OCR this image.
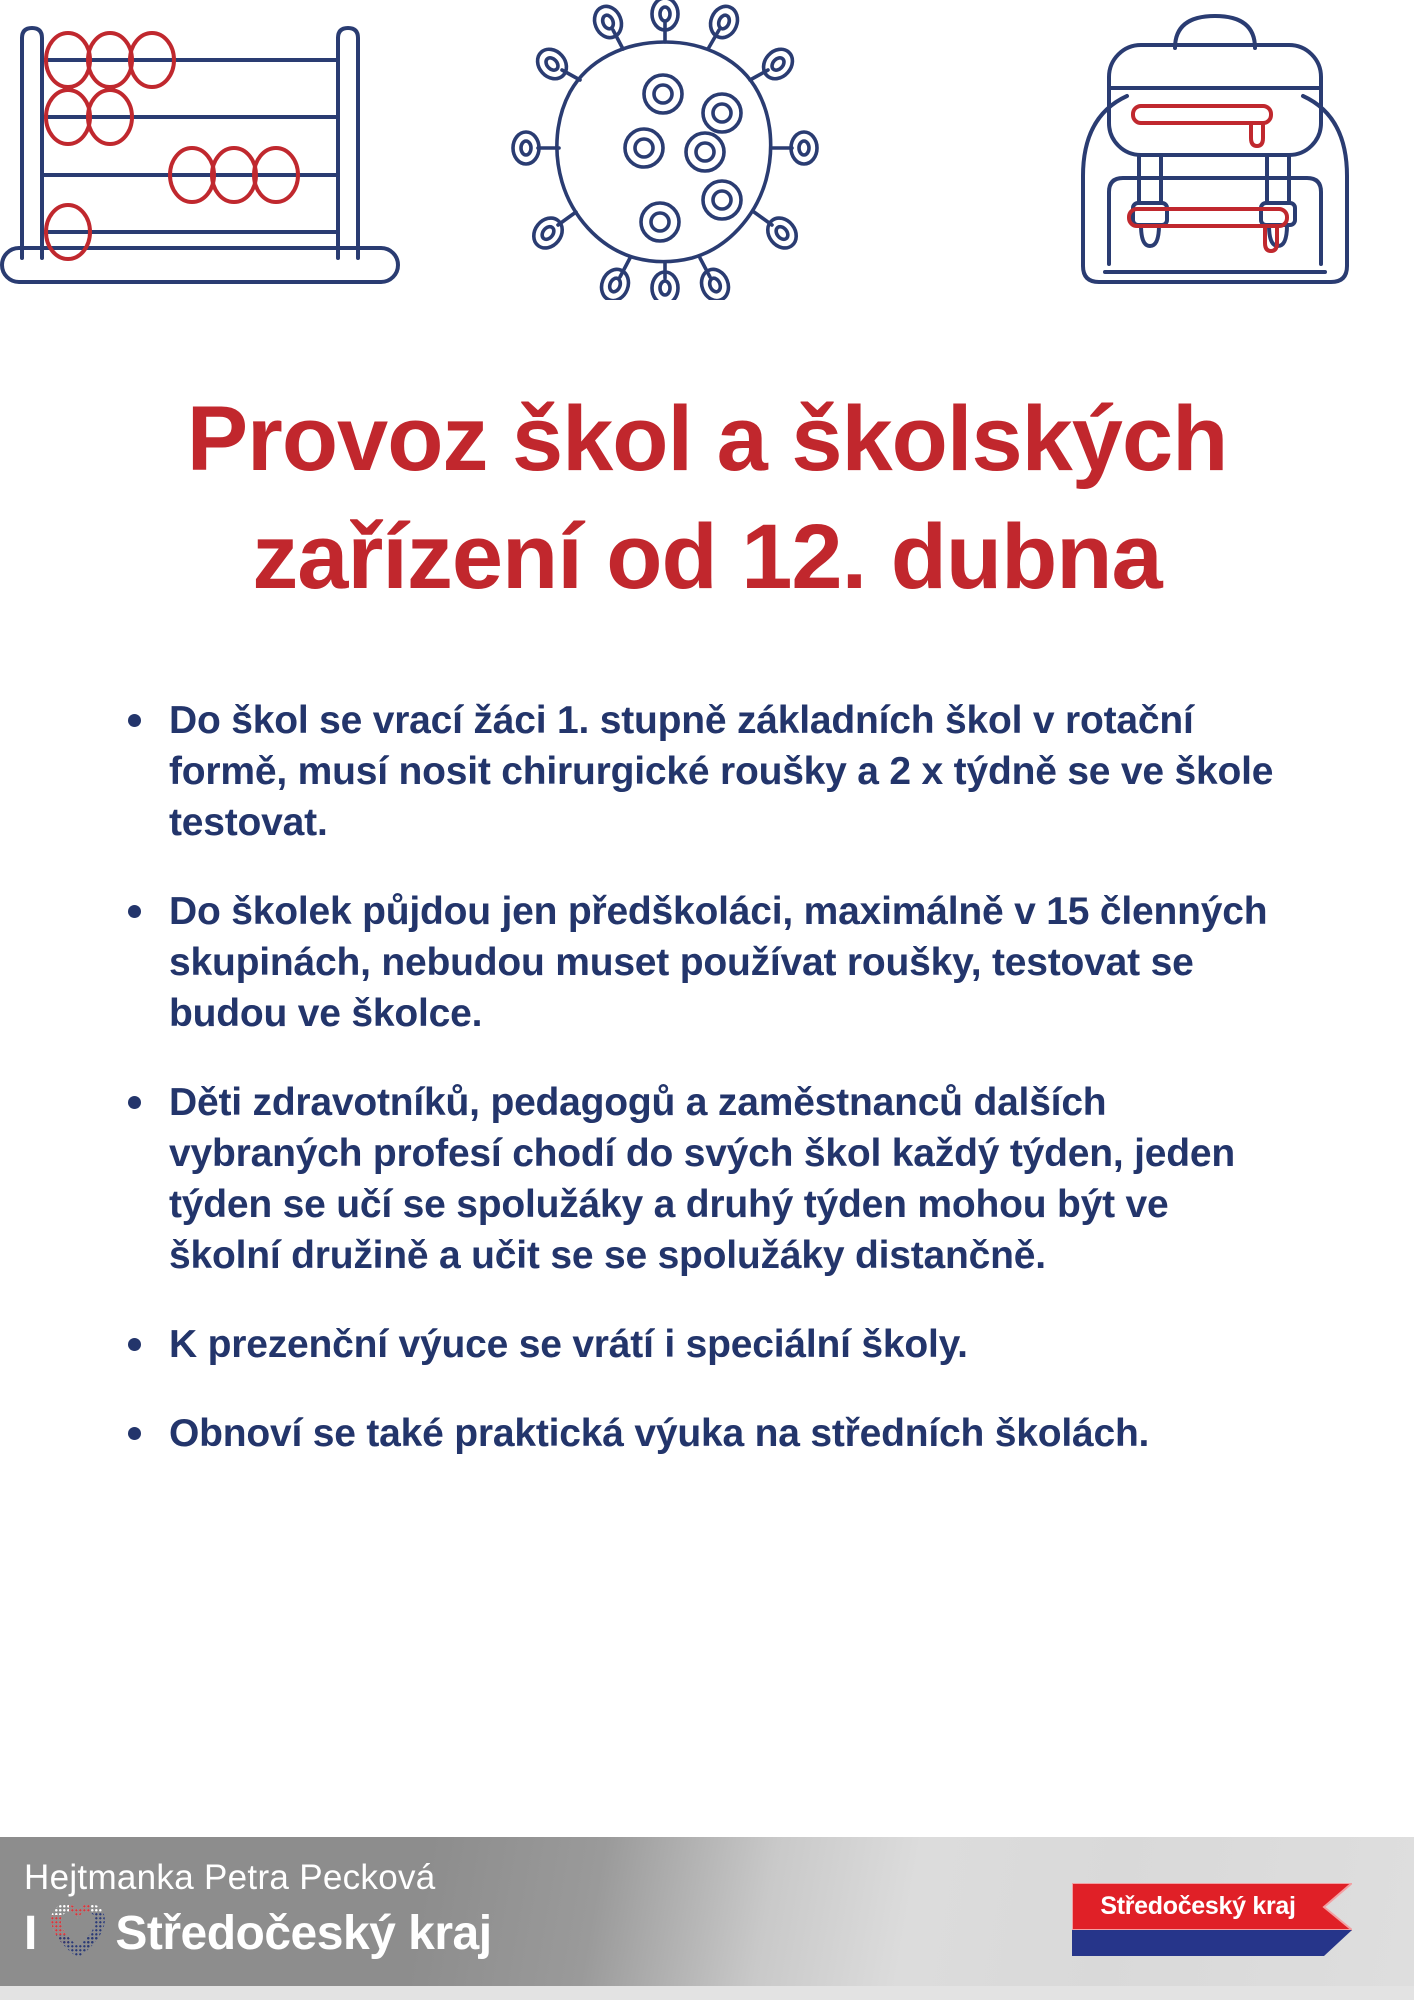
Provoz škol a školských
zařízení od 12. dubna
Do škol se vrací žáci 1. stupně základních škol v rotační formě, musí nosit chirurgické roušky a 2 x týdně se ve škole testovat.
Do školek půjdou jen předškoláci, maximálně v 15 členných skupinách, nebudou muset používat roušky, testovat se budou ve školce.
Děti zdravotníků, pedagogů a zaměstnanců dalších vybraných profesí chodí do svých škol každý týden, jeden týden se učí se spolužáky a druhý týden mohou být ve školní družině a učit se se spolužáky distančně.
K prezenční výuce se vrátí i speciální školy.
Obnoví se také praktická výuka na středních školách.
Hejtmanka Petra Pecková
I Středočeský kraj
Středočeský kraj
